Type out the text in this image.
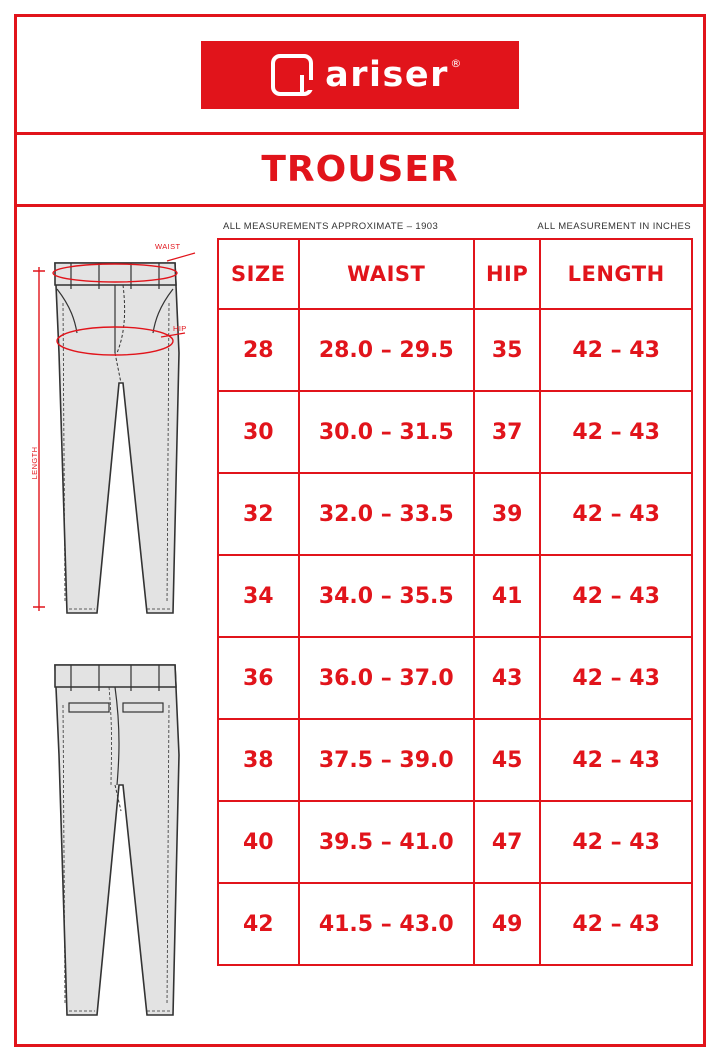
ariser ®
TROUSER
WAIST
HIP
LENGTH
ALL MEASUREMENTS APPROXIMATE – 1903	ALL MEASUREMENT IN INCHES
SIZE	WAIST	HIP	LENGTH
28	28.0 – 29.5	35	42 – 43
30	30.0 – 31.5	37	42 – 43
32	32.0 – 33.5	39	42 – 43
34	34.0 – 35.5	41	42 – 43
36	36.0 – 37.0	43	42 – 43
38	37.5 – 39.0	45	42 – 43
40	39.5 – 41.0	47	42 – 43
42	41.5 – 43.0	49	42 – 43
